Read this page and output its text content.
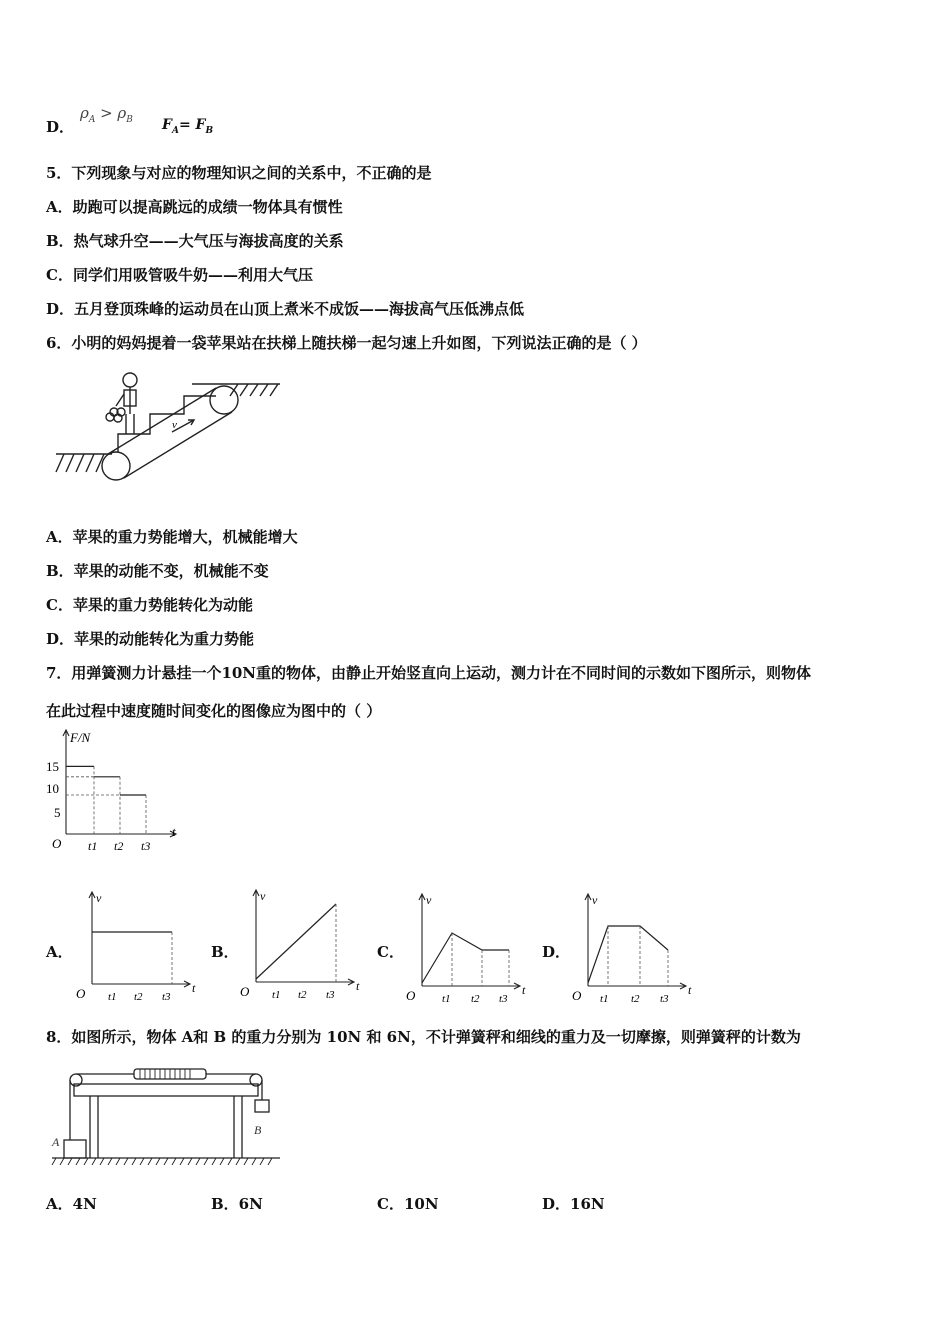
D．
$\rho_A > \rho_B$ $F_A= F_B$
5．下列现象与对应的物理知识之间的关系中，不正确的是
A．助跑可以提高跳远的成绩一物体具有惯性
B．热气球升空——大气压与海拔高度的关系
C．同学们用吸管吸牛奶——利用大气压
D．五月登顶珠峰的运动员在山顶上煮米不成饭——海拔高气压低沸点低
6．小明的妈妈提着一袋苹果站在扶梯上随扶梯一起匀速上升如图，下列说法正确的是（ ）
v
A．苹果的重力势能增大，机械能增大
B．苹果的动能不变，机械能不变
C．苹果的重力势能转化为动能
D．苹果的动能转化为重力势能
7．用弹簧测力计悬挂一个10N重的物体，由静止开始竖直向上运动，测力计在不同时间的示数如下图所示，则物体
在此过程中速度随时间变化的图像应为图中的（ ）
F/N
t
O
15
10
5
t1 t2 t3
A．	B．	C．	D．
v
t
O t1 t2 t3
v
t
O t1 t2 t3
v
t
O t1 t2 t3
v
t
O t1 t2 t3
8．如图所示，物体 A和 B 的重力分别为 10N 和 6N，不计弹簧秤和细线的重力及一切摩擦，则弹簧秤的计数为
A
B
A．4N	B．6N	C．10N	D．16N
